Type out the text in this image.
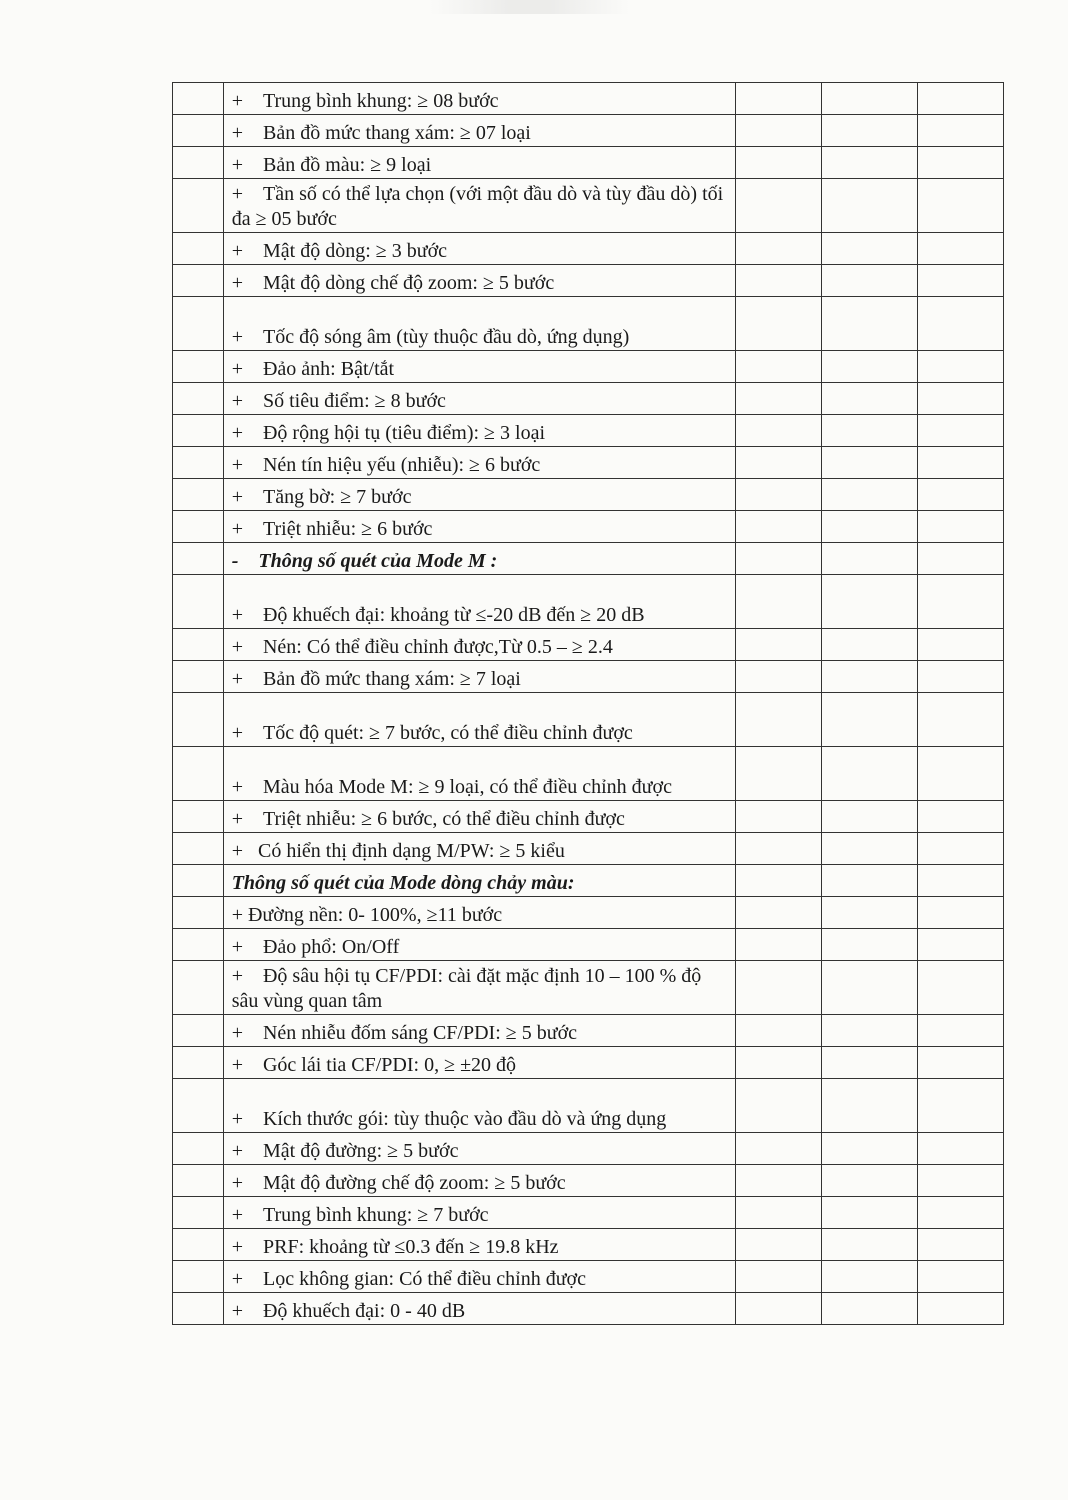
	+    Trung bình khung: ≥ 08 bước			
	+    Bản đồ mức thang xám: ≥ 07 loại			
	+    Bản đồ màu: ≥ 9 loại			
	+    Tần số có thể lựa chọn (với một đầu dò và tùy đầu dò) tối đa ≥ 05 bước			
	+    Mật độ dòng: ≥ 3 bước			
	+    Mật độ dòng chế độ zoom: ≥ 5 bước			
	+    Tốc độ sóng âm (tùy thuộc đầu dò, ứng dụng)			
	+    Đảo ảnh: Bật/tắt			
	+    Số tiêu điểm: ≥ 8 bước			
	+    Độ rộng hội tụ (tiêu điểm): ≥ 3 loại			
	+    Nén tín hiệu yếu (nhiễu): ≥ 6 bước			
	+    Tăng bờ: ≥ 7 bước			
	+    Triệt nhiễu: ≥ 6 bước			
	-    Thông số quét của Mode M :			
	+    Độ khuếch đại: khoảng từ ≤-20 dB đến ≥ 20 dB			
	+    Nén: Có thể điều chỉnh được,Từ 0.5 – ≥ 2.4			
	+    Bản đồ mức thang xám: ≥ 7 loại			
	+    Tốc độ quét: ≥ 7 bước, có thể điều chỉnh được			
	+    Màu hóa Mode M: ≥ 9 loại, có thể điều chỉnh được			
	+    Triệt nhiễu: ≥ 6 bước, có thể điều chỉnh được			
	+   Có hiển thị định dạng M/PW: ≥ 5 kiểu			
	Thông số quét của Mode dòng chảy màu:			
	+ Đường nền: 0- 100%, ≥11 bước			
	+    Đảo phổ: On/Off			
	+    Độ sâu hội tụ CF/PDI: cài đặt mặc định 10 – 100 % độ sâu vùng quan tâm			
	+    Nén nhiễu đốm sáng CF/PDI: ≥ 5 bước			
	+    Góc lái tia CF/PDI: 0, ≥ ±20 độ			
	+    Kích thước gói: tùy thuộc vào đầu dò và ứng dụng			
	+    Mật độ đường: ≥ 5 bước			
	+    Mật độ đường chế độ zoom: ≥ 5 bước			
	+    Trung bình khung: ≥ 7 bước			
	+    PRF: khoảng từ ≤0.3 đến ≥ 19.8 kHz			
	+    Lọc không gian: Có thể điều chỉnh được			
	+    Độ khuếch đại: 0 - 40 dB			
